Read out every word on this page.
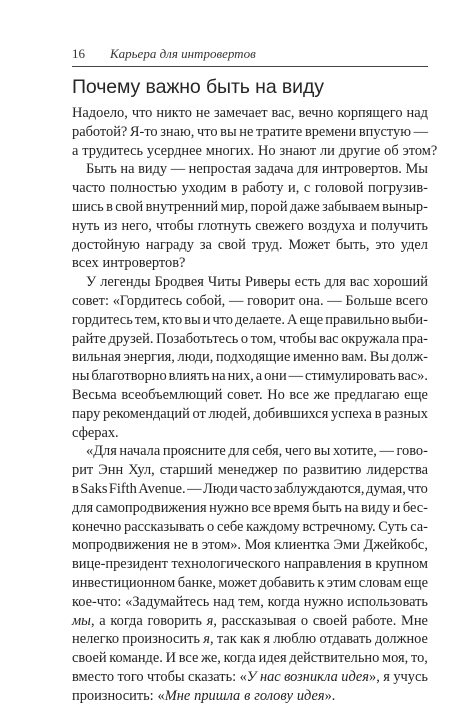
16	Карьера для интровертов
Почему важно быть на виду
Надоело, что никто не замечает вас, вечно корпящего над
работой? Я-то знаю, что вы не тратите времени впустую —
а трудитесь усерднее многих. Но знают ли другие об этом?
Быть на виду — непростая задача для интровертов. Мы
часто полностью уходим в работу и, с головой погрузив-
шись в свой внутренний мир, порой даже забываем выныр-
нуть из него, чтобы глотнуть свежего воздуха и получить
достойную награду за свой труд. Может быть, это удел
всех интровертов?
У легенды Бродвея Читы Риверы есть для вас хороший
совет: «Гордитесь собой, — говорит она. — Больше всего
гордитесь тем, кто вы и что делаете. А еще правильно выби-
райте друзей. Позаботьтесь о том, чтобы вас окружала пра-
вильная энергия, люди, подходящие именно вам. Вы долж-
ны благотворно влиять на них, а они — стимулировать вас».
Весьма всеобъемлющий совет. Но все же предлагаю еще
пару рекомендаций от людей, добившихся успеха в разных
сферах.
«Для начала проясните для себя, чего вы хотите, — гово-
рит Энн Хул, старший менеджер по развитию лидерства
в Saks Fifth Avenue. — Люди часто заблуждаются, думая, что
для самопродвижения нужно все время быть на виду и бес-
конечно рассказывать о себе каждому встречному. Суть са-
мопродвижения не в этом». Моя клиентка Эми Джейкобс,
вице-президент технологического направления в крупном
инвестиционном банке, может добавить к этим словам еще
кое-что: «Задумайтесь над тем, когда нужно использовать
мы, а когда говорить я, рассказывая о своей работе. Мне
нелегко произносить я, так как я люблю отдавать должное
своей команде. И все же, когда идея действительно моя, то,
вместо того чтобы сказать: «У нас возникла идея», я учусь
произносить: «Мне пришла в голову идея».
